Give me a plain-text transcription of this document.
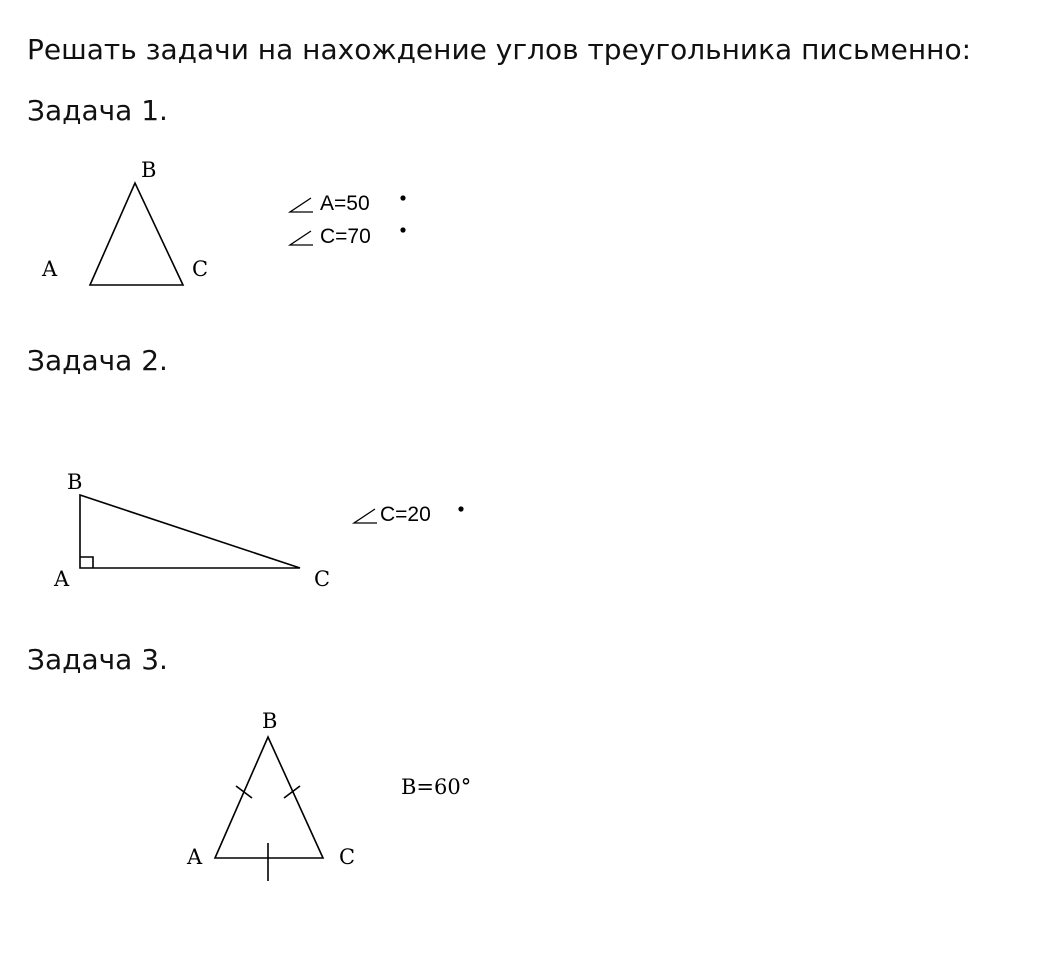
Решать задачи на нахождение углов треугольника письменно:
Задача 1.
B
A	C
A=50
C=70
B
A	C
C=20
B
A	C
B=60°
Задача 2.
Задача 3.
